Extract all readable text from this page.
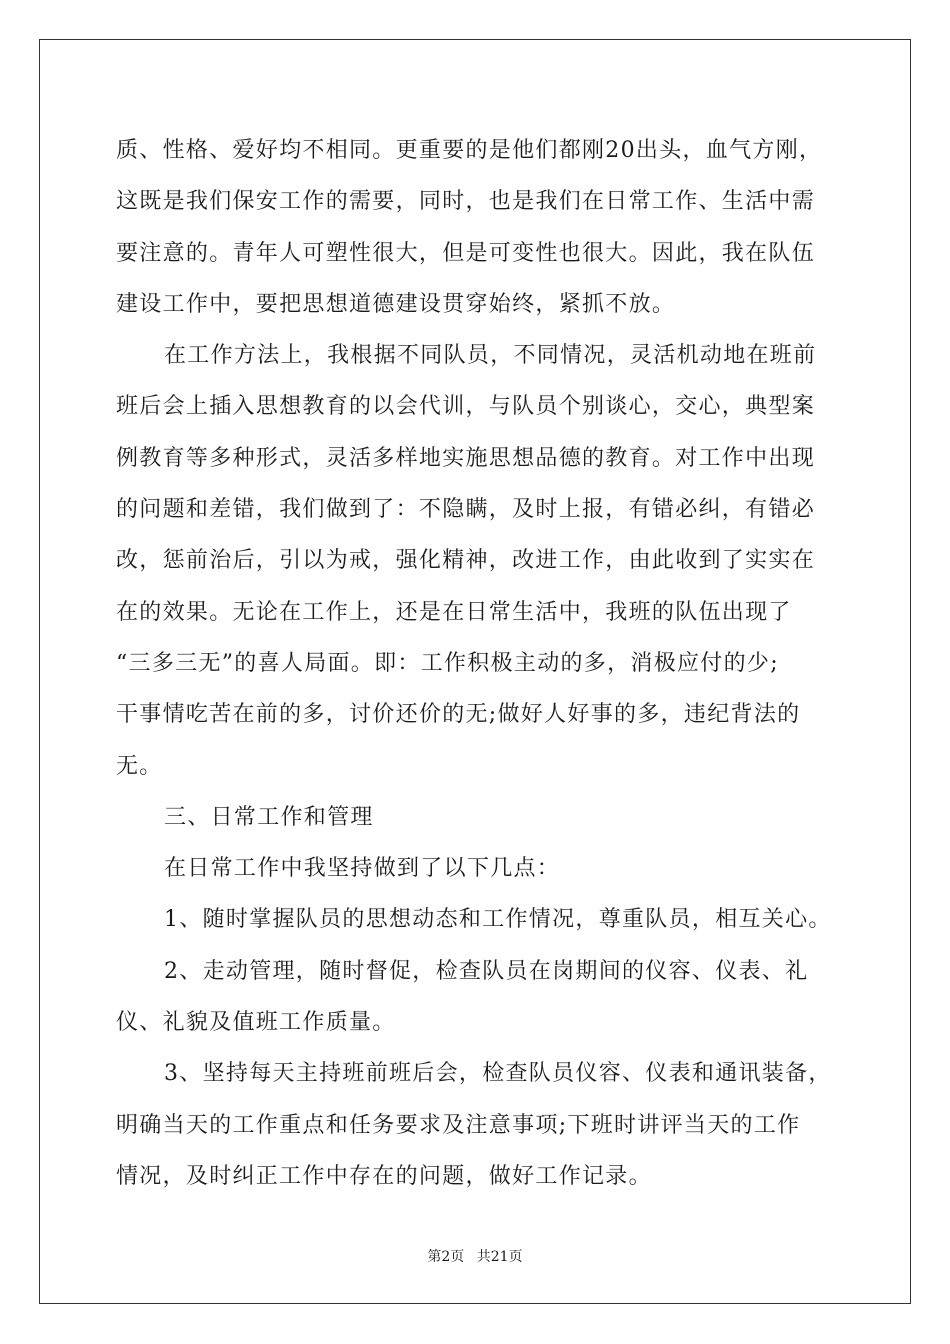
质、性格、爱好均不相同。更重要的是他们都刚20出头，血气方刚，
这既是我们保安工作的需要，同时，也是我们在日常工作、生活中需
要注意的。青年人可塑性很大，但是可变性也很大。因此，我在队伍
建设工作中，要把思想道德建设贯穿始终，紧抓不放。
在工作方法上，我根据不同队员，不同情况，灵活机动地在班前
班后会上插入思想教育的以会代训，与队员个别谈心，交心，典型案
例教育等多种形式，灵活多样地实施思想品德的教育。对工作中出现
的问题和差错，我们做到了：不隐瞒，及时上报，有错必纠，有错必
改，惩前治后，引以为戒，强化精神，改进工作，由此收到了实实在
在的效果。无论在工作上，还是在日常生活中，我班的队伍出现了
“三多三无”的喜人局面。即：工作积极主动的多，消极应付的少;
干事情吃苦在前的多，讨价还价的无;做好人好事的多，违纪背法的
无。
三、日常工作和管理
在日常工作中我坚持做到了以下几点：
1、随时掌握队员的思想动态和工作情况，尊重队员，相互关心。
2、走动管理，随时督促，检查队员在岗期间的仪容、仪表、礼
仪、礼貌及值班工作质量。
3、坚持每天主持班前班后会，检查队员仪容、仪表和通讯装备，
明确当天的工作重点和任务要求及注意事项;下班时讲评当天的工作
情况，及时纠正工作中存在的问题，做好工作记录。
第2页 共21页
